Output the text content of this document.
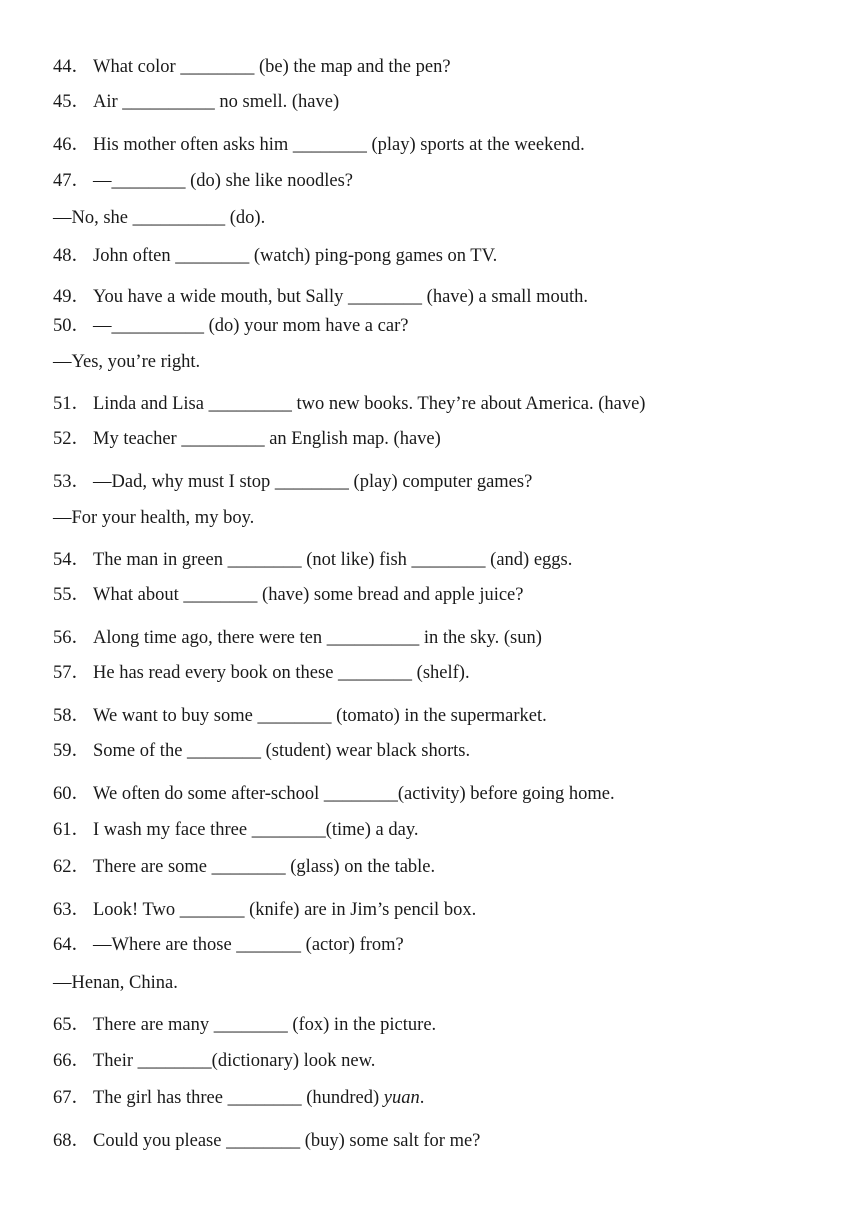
44． What color ________ (be) the map and the pen?
45． Air __________ no smell. (have)
46． His mother often asks him ________ (play) sports at the weekend.
47． —________ (do) she like noodles?
—No, she __________ (do).
48． John often ________ (watch) ping-pong games on TV.
49． You have a wide mouth, but Sally ________ (have) a small mouth.
50． —__________ (do) your mom have a car?
—Yes, you’re right.
51． Linda and Lisa _________ two new books. They’re about America. (have)
52． My teacher _________ an English map. (have)
53． —Dad, why must I stop ________ (play) computer games?
—For your health, my boy.
54． The man in green ________ (not like) fish ________ (and) eggs.
55． What about ________ (have) some bread and apple juice?
56． Along time ago, there were ten __________ in the sky. (sun)
57． He has read every book on these ________ (shelf).
58． We want to buy some ________ (tomato) in the supermarket.
59． Some of the ________ (student) wear black shorts.
60． We often do some after-school ________(activity) before going home.
61． I wash my face three ________(time) a day.
62． There are some ________ (glass) on the table.
63． Look! Two _______ (knife) are in Jim’s pencil box.
64． —Where are those _______ (actor) from?
—Henan, China.
65． There are many ________ (fox) in the picture.
66． Their ________(dictionary) look new.
67． The girl has three ________ (hundred) yuan.
68． Could you please ________ (buy) some salt for me?
